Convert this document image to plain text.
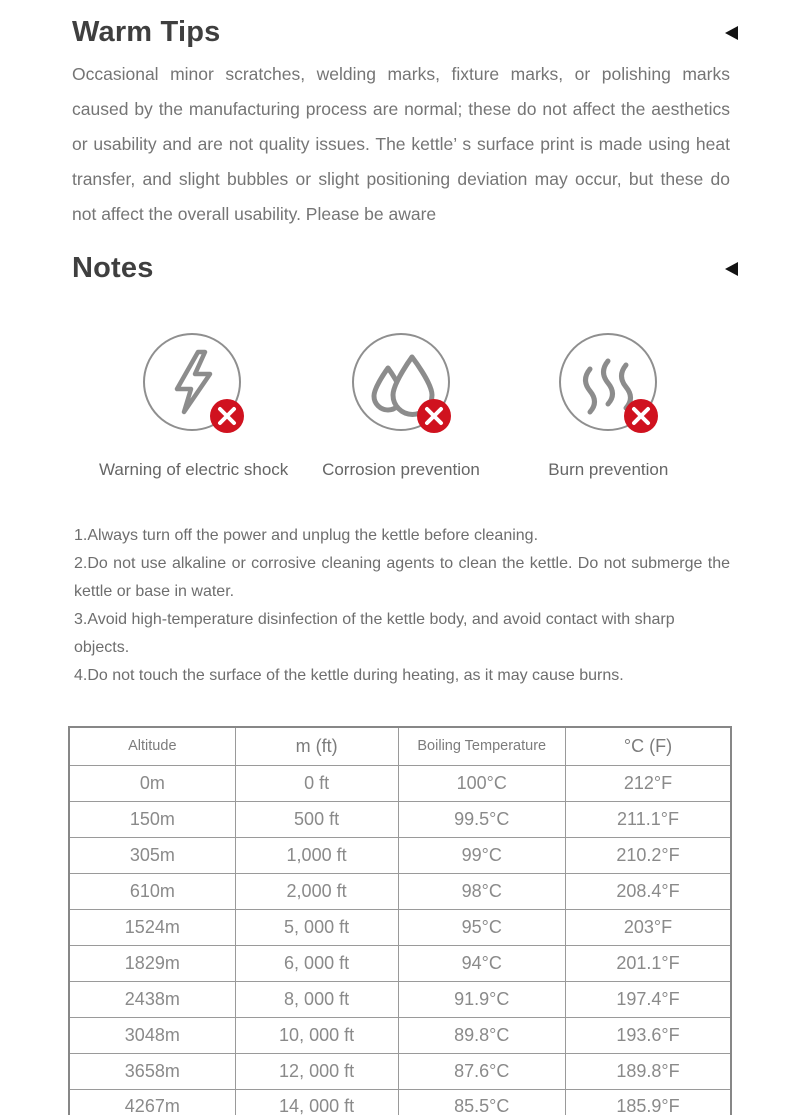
Warm Tips

Occasional minor scratches, welding marks, fixture marks, or polishing marks caused by the manufacturing process are normal; these do not affect the aesthetics or usability and are not quality issues. The kettle’ s surface print is made using heat transfer, and slight bubbles or slight positioning deviation may occur, but these do not affect the overall usability. Please be aware

Notes
Warning of electric shock Corrosion prevention	Burn prevention

1.Always turn off the power and unplug the kettle before cleaning.

2.Do not use alkaline or corrosive cleaning agents to clean the kettle. Do not submerge the kettle or base in water.

3.Avoid high-temperature disinfection of the kettle body, and avoid contact with sharp objects.

4.Do not touch the surface of the kettle during heating, as it may cause burns.

Altitude	m (ft)	Boiling Temperature	°C (F)
0m	0 ft	100°C	212°F
150m	500 ft	99.5°C	211.1°F
305m	1,000 ft	99°C	210.2°F
610m	2,000 ft	98°C	208.4°F
1524m	5, 000 ft	95°C	203°F
1829m	6, 000 ft	94°C	201.1°F
2438m	8, 000 ft	91.9°C	197.4°F
3048m	10, 000 ft	89.8°C	193.6°F
3658m	12, 000 ft	87.6°C	189.8°F
4267m	14, 000 ft	85.5°C	185.9°F
